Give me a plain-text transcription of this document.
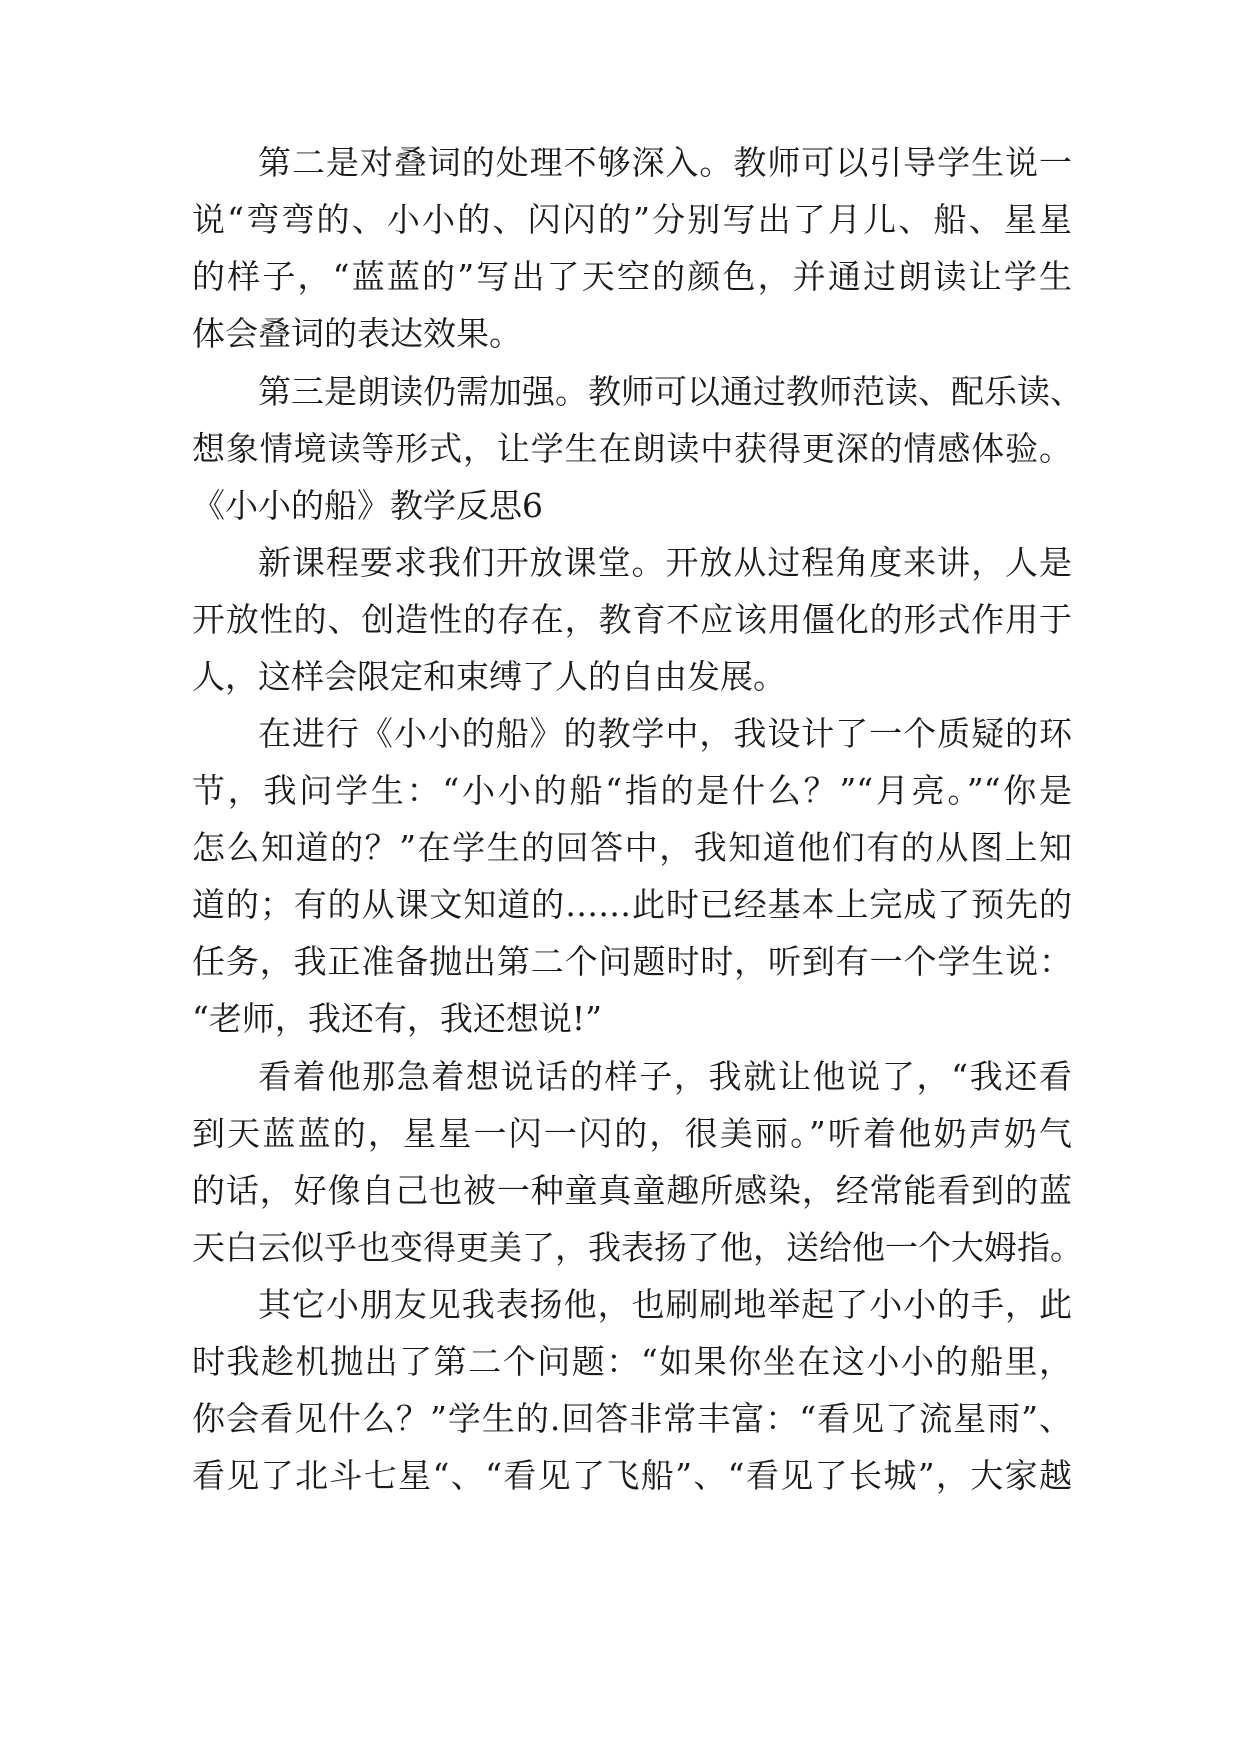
第二是对叠词的处理不够深入。教师可以引导学生说一
说“弯弯的、小小的、闪闪的”分别写出了月儿、船、星星
的样子，“蓝蓝的”写出了天空的颜色，并通过朗读让学生
体会叠词的表达效果。
第三是朗读仍需加强。教师可以通过教师范读、配乐读、
想象情境读等形式，让学生在朗读中获得更深的情感体验。
《小小的船》教学反思6
新课程要求我们开放课堂。开放从过程角度来讲，人是
开放性的、创造性的存在，教育不应该用僵化的形式作用于
人，这样会限定和束缚了人的自由发展。
在进行《小小的船》的教学中，我设计了一个质疑的环
节，我问学生：“小小的船“指的是什么？”“月亮。”“你是
怎么知道的？”在学生的回答中，我知道他们有的从图上知
道的；有的从课文知道的……此时已经基本上完成了预先的
任务，我正准备抛出第二个问题时时，听到有一个学生说：
“老师，我还有，我还想说!”
看着他那急着想说话的样子，我就让他说了，“我还看
到天蓝蓝的，星星一闪一闪的，很美丽。”听着他奶声奶气
的话，好像自己也被一种童真童趣所感染，经常能看到的蓝
天白云似乎也变得更美了，我表扬了他，送给他一个大姆指。
其它小朋友见我表扬他，也刷刷地举起了小小的手，此
时我趁机抛出了第二个问题：“如果你坐在这小小的船里，
你会看见什么？”学生的.回答非常丰富：“看见了流星雨”、
看见了北斗七星“、“看见了飞船”、“看见了长城”，大家越
